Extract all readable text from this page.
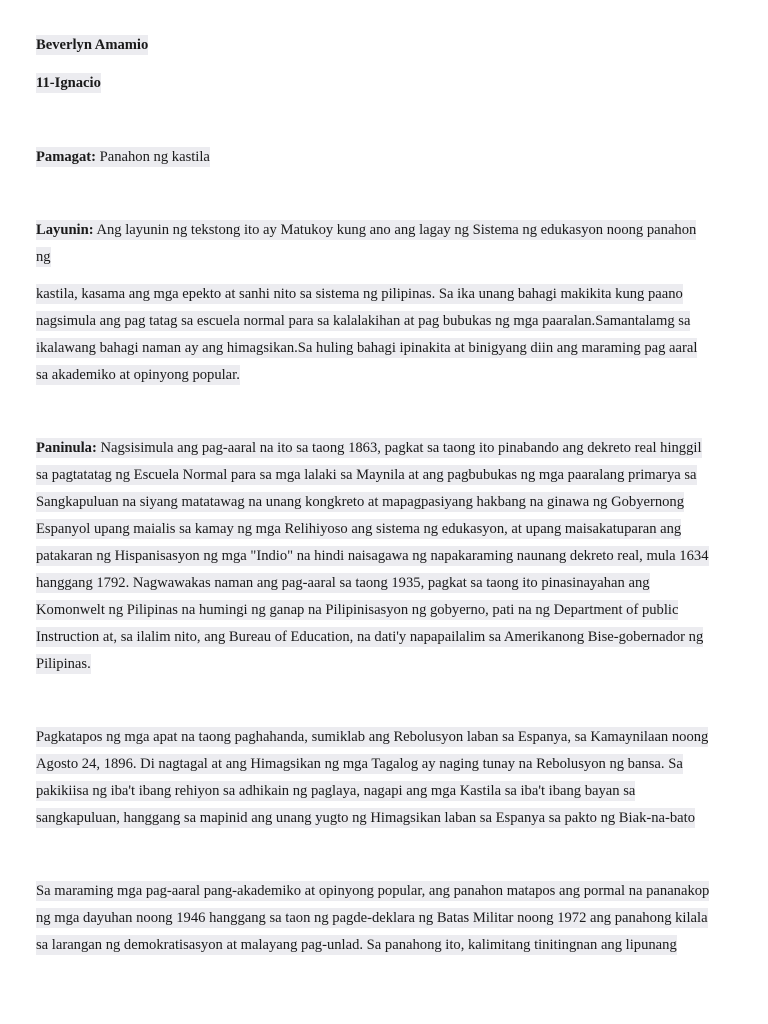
Beverlyn Amamio
11-Ignacio
Pamagat: Panahon ng kastila
Layunin: Ang layunin ng tekstong ito ay Matukoy kung ano ang lagay ng Sistema ng edukasyon noong panahon
ng
kastila, kasama ang mga epekto at sanhi nito sa sistema ng pilipinas. Sa ika unang bahagi makikita kung paano
nagsimula ang pag tatag sa escuela normal para sa kalalakihan at pag bubukas ng mga paaralan.Samantalamg sa
ikalawang bahagi naman ay ang himagsikan.Sa huling bahagi ipinakita at binigyang diin ang maraming pag aaral
sa akademiko at opinyong popular.
Paninula: Nagsisimula ang pag-aaral na ito sa taong 1863, pagkat sa taong ito pinabando ang dekreto real hinggil
sa pagtatatag ng Escuela Normal para sa mga lalaki sa Maynila at ang pagbubukas ng mga paaralang primarya sa
Sangkapuluan na siyang matatawag na unang kongkreto at mapagpasiyang hakbang na ginawa ng Gobyernong
Espanyol upang maialis sa kamay ng mga Relihiyoso ang sistema ng edukasyon, at upang maisakatuparan ang
patakaran ng Hispanisasyon ng mga "Indio" na hindi naisagawa ng napakaraming naunang dekreto real, mula 1634
hanggang 1792. Nagwawakas naman ang pag-aaral sa taong 1935, pagkat sa taong ito pinasinayahan ang
Komonwelt ng Pilipinas na humingi ng ganap na Pilipinisasyon ng gobyerno, pati na ng Department of public
Instruction at, sa ilalim nito, ang Bureau of Education, na dati'y napapailalim sa Amerikanong Bise-gobernador ng
Pilipinas.
Pagkatapos ng mga apat na taong paghahanda, sumiklab ang Rebolusyon laban sa Espanya, sa Kamaynilaan noong
Agosto 24, 1896. Di nagtagal at ang Himagsikan ng mga Tagalog ay naging tunay na Rebolusyon ng bansa. Sa
pakikiisa ng iba't ibang rehiyon sa adhikain ng paglaya, nagapi ang mga Kastila sa iba't ibang bayan sa
sangkapuluan, hanggang sa mapinid ang unang yugto ng Himagsikan laban sa Espanya sa pakto ng Biak-na-bato
Sa maraming mga pag-aaral pang-akademiko at opinyong popular, ang panahon matapos ang pormal na pananakop
ng mga dayuhan noong 1946 hanggang sa taon ng pagde-deklara ng Batas Militar noong 1972 ang panahong kilala
sa larangan ng demokratisasyon at malayang pag-unlad. Sa panahong ito, kalimitang tinitingnan ang lipunang
